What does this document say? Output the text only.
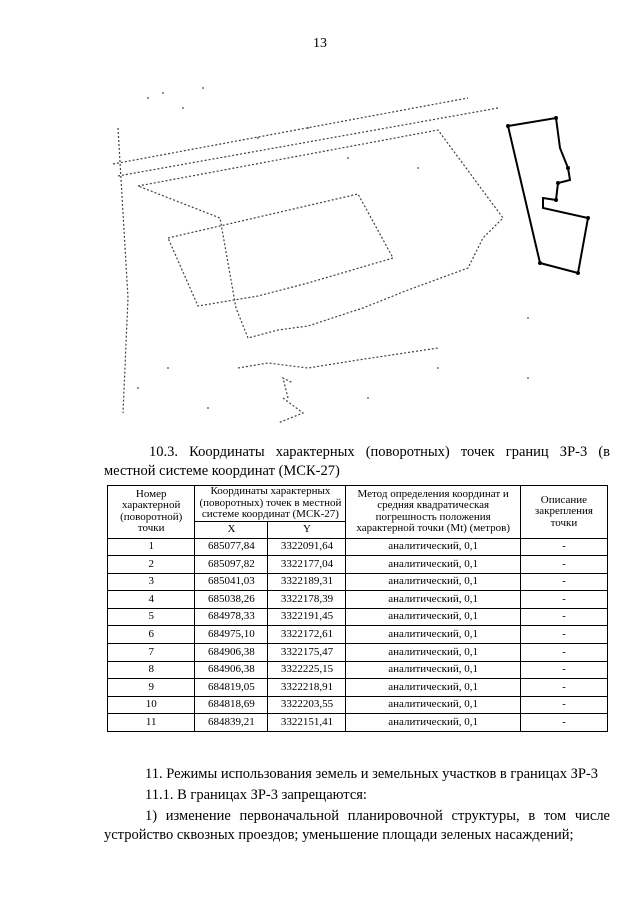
13
10.3. Координаты характерных (поворотных) точек границ ЗР-3 (в
местной системе координат (МСК-27)
Номер характерной (поворотной) точки	Координаты характерных (поворотных) точек в местной системе координат (МСК-27)		Метод определения координат и средняя квадратическая погрешность положения характерной точки (Mt) (метров)	Описание закрепления точки
	X	Y		
1	685077,84	3322091,64	аналитический, 0,1	-
2	685097,82	3322177,04	аналитический, 0,1	-
3	685041,03	3322189,31	аналитический, 0,1	-
4	685038,26	3322178,39	аналитический, 0,1	-
5	684978,33	3322191,45	аналитический, 0,1	-
6	684975,10	3322172,61	аналитический, 0,1	-
7	684906,38	3322175,47	аналитический, 0,1	-
8	684906,38	3322225,15	аналитический, 0,1	-
9	684819,05	3322218,91	аналитический, 0,1	-
10	684818,69	3322203,55	аналитический, 0,1	-
11	684839,21	3322151,41	аналитический, 0,1	-
11. Режимы использования земель и земельных участков в границах ЗР-3
11.1. В границах ЗР-3 запрещаются:
1) изменение первоначальной планировочной структуры, в том числе
устройство сквозных проездов; уменьшение площади зеленых насаждений;
